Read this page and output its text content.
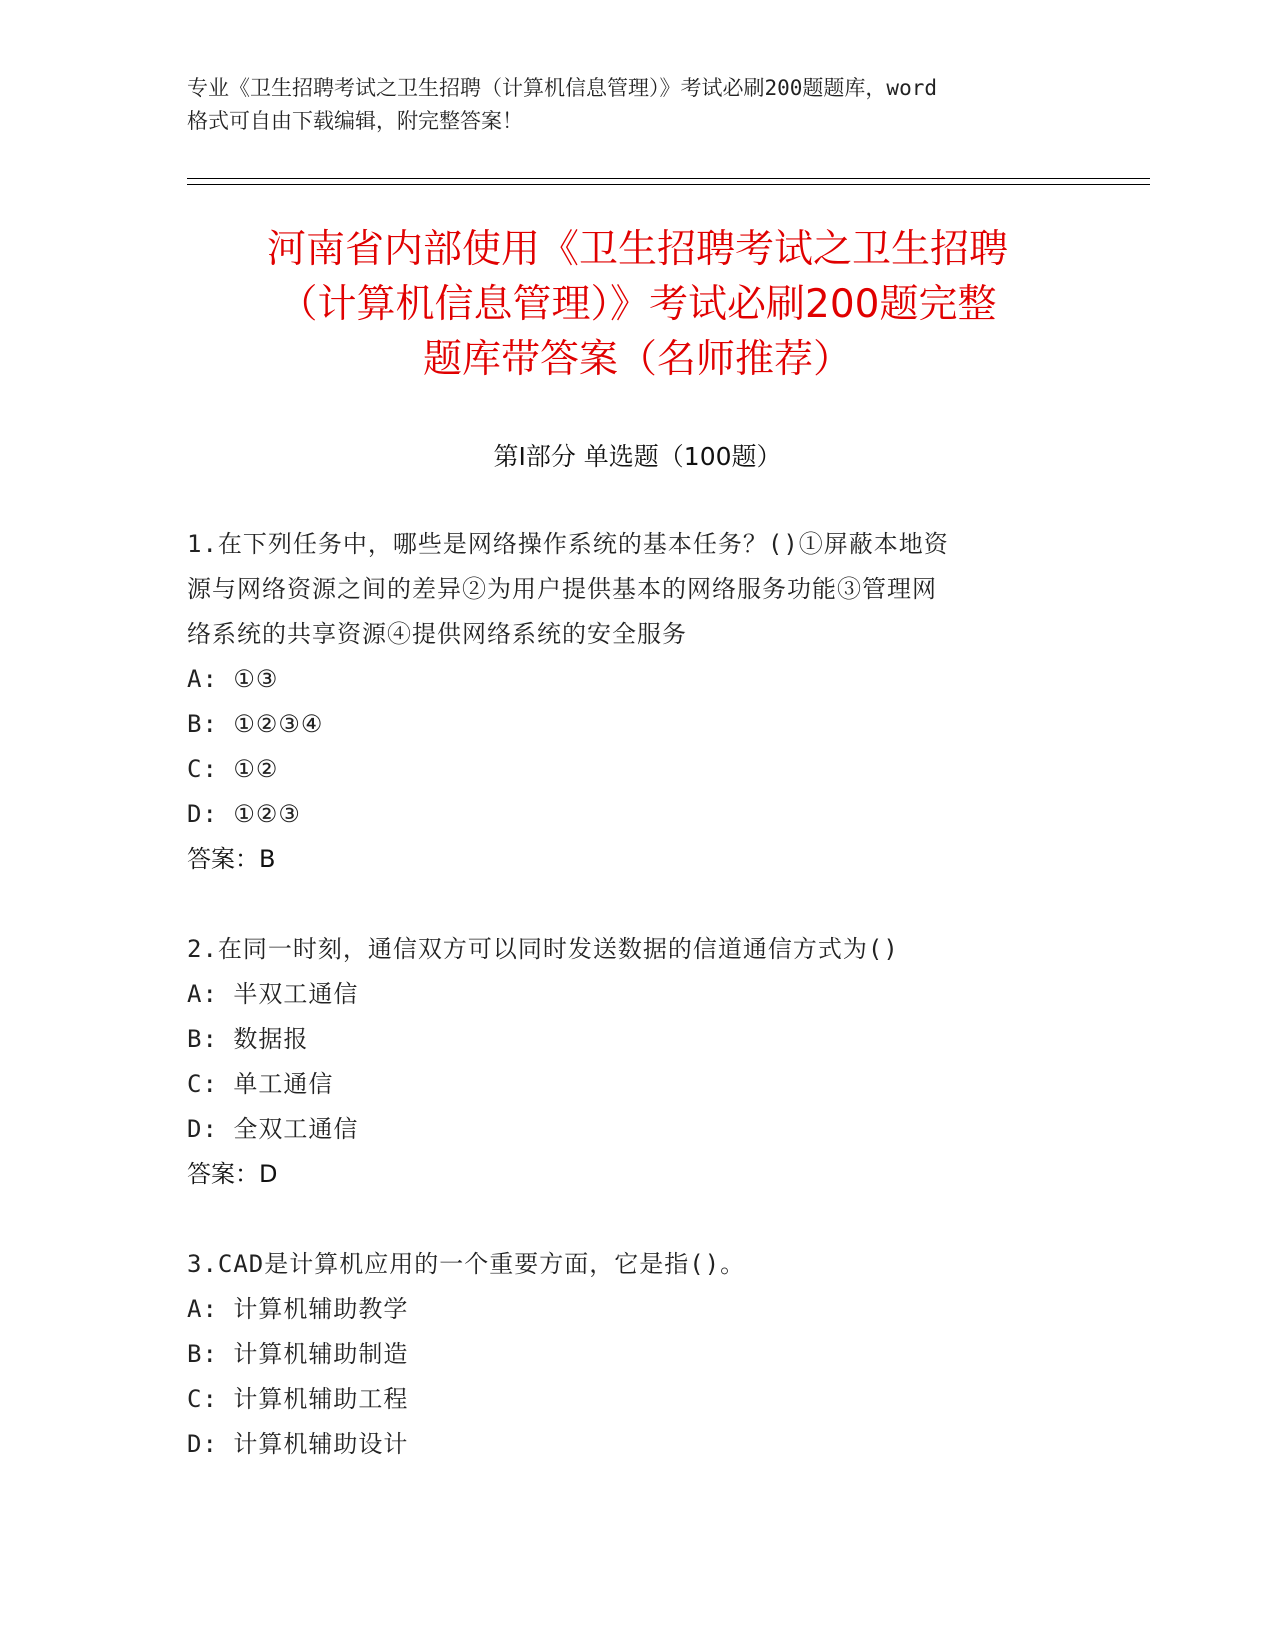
专业《卫生招聘考试之卫生招聘（计算机信息管理）》考试必刷200题题库，word
格式可自由下载编辑，附完整答案！
河南省内部使用《卫生招聘考试之卫生招聘
（计算机信息管理）》考试必刷200题完整
题库带答案（名师推荐）
第Ⅰ部分 单选题（100题）
1.在下列任务中，哪些是网络操作系统的基本任务？()①屏蔽本地资
源与网络资源之间的差异②为用户提供基本的网络服务功能③管理网
络系统的共享资源④提供网络系统的安全服务
A: ①③
B: ①②③④
C: ①②
D: ①②③
答案：B
2.在同一时刻，通信双方可以同时发送数据的信道通信方式为()
A: 半双工通信
B: 数据报
C: 单工通信
D: 全双工通信
答案：D
3.CAD是计算机应用的一个重要方面，它是指()。
A: 计算机辅助教学
B: 计算机辅助制造
C: 计算机辅助工程
D: 计算机辅助设计
